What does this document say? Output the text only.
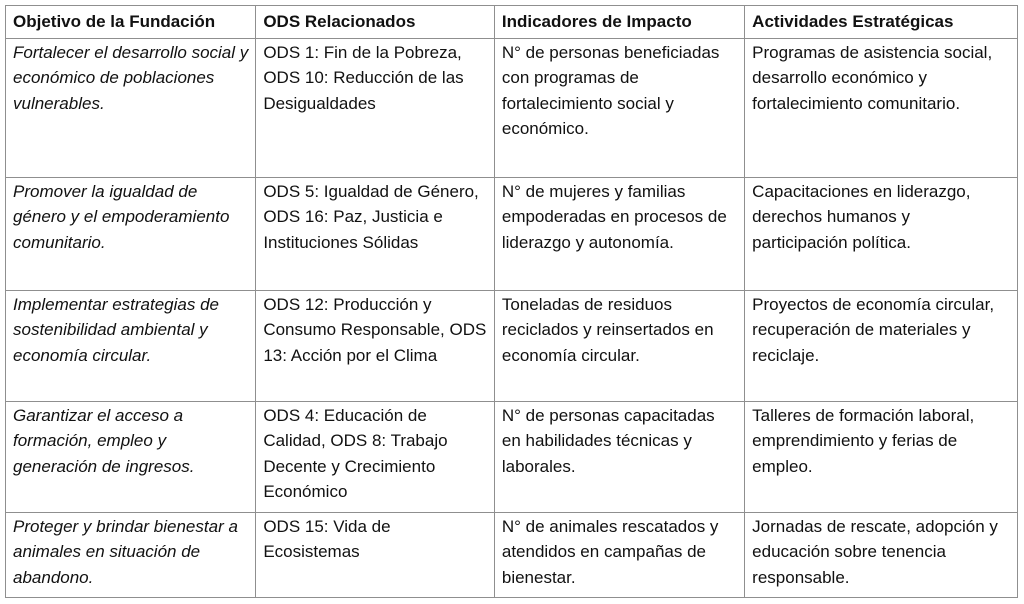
Objetivo de la Fundación	ODS Relacionados	Indicadores de Impacto	Actividades Estratégicas
Fortalecer el desarrollo social y económico de poblaciones vulnerables.	ODS 1: Fin de la Pobreza, ODS 10: Reducción de las Desigualdades	N° de personas beneficiadas con programas de fortalecimiento social y económico.	Programas de asistencia social, desarrollo económico y fortalecimiento comunitario.
Promover la igualdad de género y el empoderamiento comunitario.	ODS 5: Igualdad de Género, ODS 16: Paz, Justicia e Instituciones Sólidas	N° de mujeres y familias empoderadas en procesos de liderazgo y autonomía.	Capacitaciones en liderazgo, derechos humanos y participación política.
Implementar estrategias de sostenibilidad ambiental y economía circular.	ODS 12: Producción y Consumo Responsable, ODS 13: Acción por el Clima	Toneladas de residuos reciclados y reinsertados en economía circular.	Proyectos de economía circular, recuperación de materiales y reciclaje.
Garantizar el acceso a formación, empleo y generación de ingresos.	ODS 4: Educación de Calidad, ODS 8: Trabajo Decente y Crecimiento Económico	N° de personas capacitadas en habilidades técnicas y laborales.	Talleres de formación laboral, emprendimiento y ferias de empleo.
Proteger y brindar bienestar a animales en situación de abandono.	ODS 15: Vida de Ecosistemas	N° de animales rescatados y atendidos en campañas de bienestar.	Jornadas de rescate, adopción y educación sobre tenencia responsable.
